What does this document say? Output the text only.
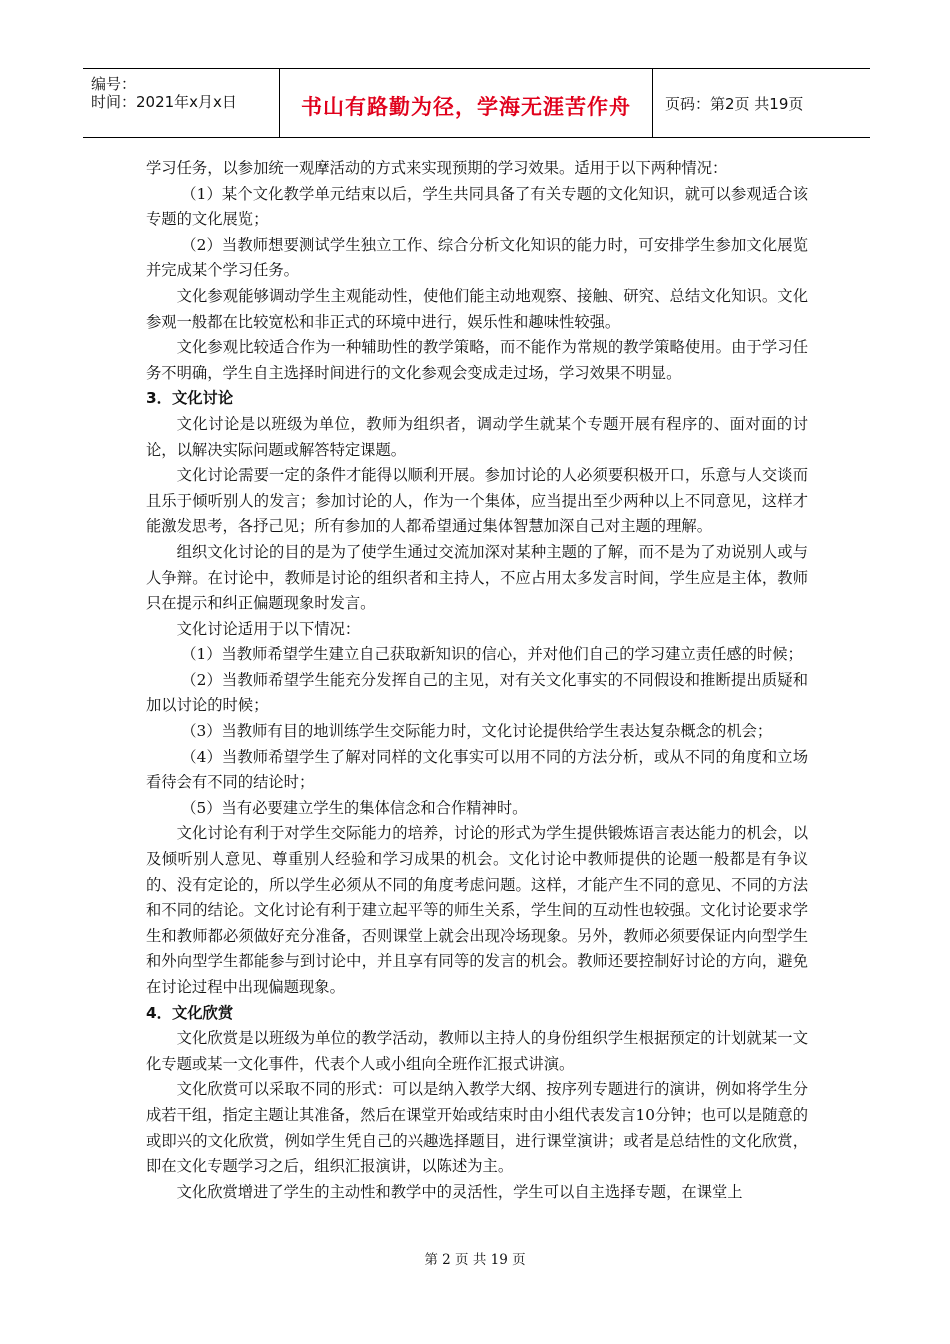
编号：
时间：2021年x月x日	书山有路勤为径，学海无涯苦作舟	页码：第2页 共19页

学习任务，以参加统一观摩活动的方式来实现预期的学习效果。适用于以下两种情况：

（1）某个文化教学单元结束以后，学生共同具备了有关专题的文化知识，就可以参观适合该专题的文化展览；

（2）当教师想要测试学生独立工作、综合分析文化知识的能力时，可安排学生参加文化展览并完成某个学习任务。

文化参观能够调动学生主观能动性，使他们能主动地观察、接触、研究、总结文化知识。文化参观一般都在比较宽松和非正式的环境中进行，娱乐性和趣味性较强。

文化参观比较适合作为一种辅助性的教学策略，而不能作为常规的教学策略使用。由于学习任务不明确，学生自主选择时间进行的文化参观会变成走过场，学习效果不明显。

3．文化讨论

文化讨论是以班级为单位，教师为组织者，调动学生就某个专题开展有程序的、面对面的讨论，以解决实际问题或解答特定课题。

文化讨论需要一定的条件才能得以顺利开展。参加讨论的人必须要积极开口，乐意与人交谈而且乐于倾听别人的发言；参加讨论的人，作为一个集体，应当提出至少两种以上不同意见，这样才能激发思考，各抒己见；所有参加的人都希望通过集体智慧加深自己对主题的理解。

组织文化讨论的目的是为了使学生通过交流加深对某种主题的了解，而不是为了劝说别人或与人争辩。在讨论中，教师是讨论的组织者和主持人，不应占用太多发言时间，学生应是主体，教师只在提示和纠正偏题现象时发言。

文化讨论适用于以下情况：

（1）当教师希望学生建立自己获取新知识的信心，并对他们自己的学习建立责任感的时候；

（2）当教师希望学生能充分发挥自己的主见，对有关文化事实的不同假设和推断提出质疑和加以讨论的时候；

（3）当教师有目的地训练学生交际能力时，文化讨论提供给学生表达复杂概念的机会；

（4）当教师希望学生了解对同样的文化事实可以用不同的方法分析，或从不同的角度和立场看待会有不同的结论时；

（5）当有必要建立学生的集体信念和合作精神时。

文化讨论有利于对学生交际能力的培养，讨论的形式为学生提供锻炼语言表达能力的机会，以及倾听别人意见、尊重别人经验和学习成果的机会。文化讨论中教师提供的论题一般都是有争议的、没有定论的，所以学生必须从不同的角度考虑问题。这样，才能产生不同的意见、不同的方法和不同的结论。文化讨论有利于建立起平等的师生关系，学生间的互动性也较强。文化讨论要求学生和教师都必须做好充分准备，否则课堂上就会出现冷场现象。另外，教师必须要保证内向型学生和外向型学生都能参与到讨论中，并且享有同等的发言的机会。教师还要控制好讨论的方向，避免在讨论过程中出现偏题现象。

4．文化欣赏

文化欣赏是以班级为单位的教学活动，教师以主持人的身份组织学生根据预定的计划就某一文化专题或某一文化事件，代表个人或小组向全班作汇报式讲演。

文化欣赏可以采取不同的形式：可以是纳入教学大纲、按序列专题进行的演讲，例如将学生分成若干组，指定主题让其准备，然后在课堂开始或结束时由小组代表发言10分钟；也可以是随意的或即兴的文化欣赏，例如学生凭自己的兴趣选择题目，进行课堂演讲；或者是总结性的文化欣赏，即在文化专题学习之后，组织汇报演讲，以陈述为主。

文化欣赏增进了学生的主动性和教学中的灵活性，学生可以自主选择专题，在课堂上

第 2 页 共 19 页
